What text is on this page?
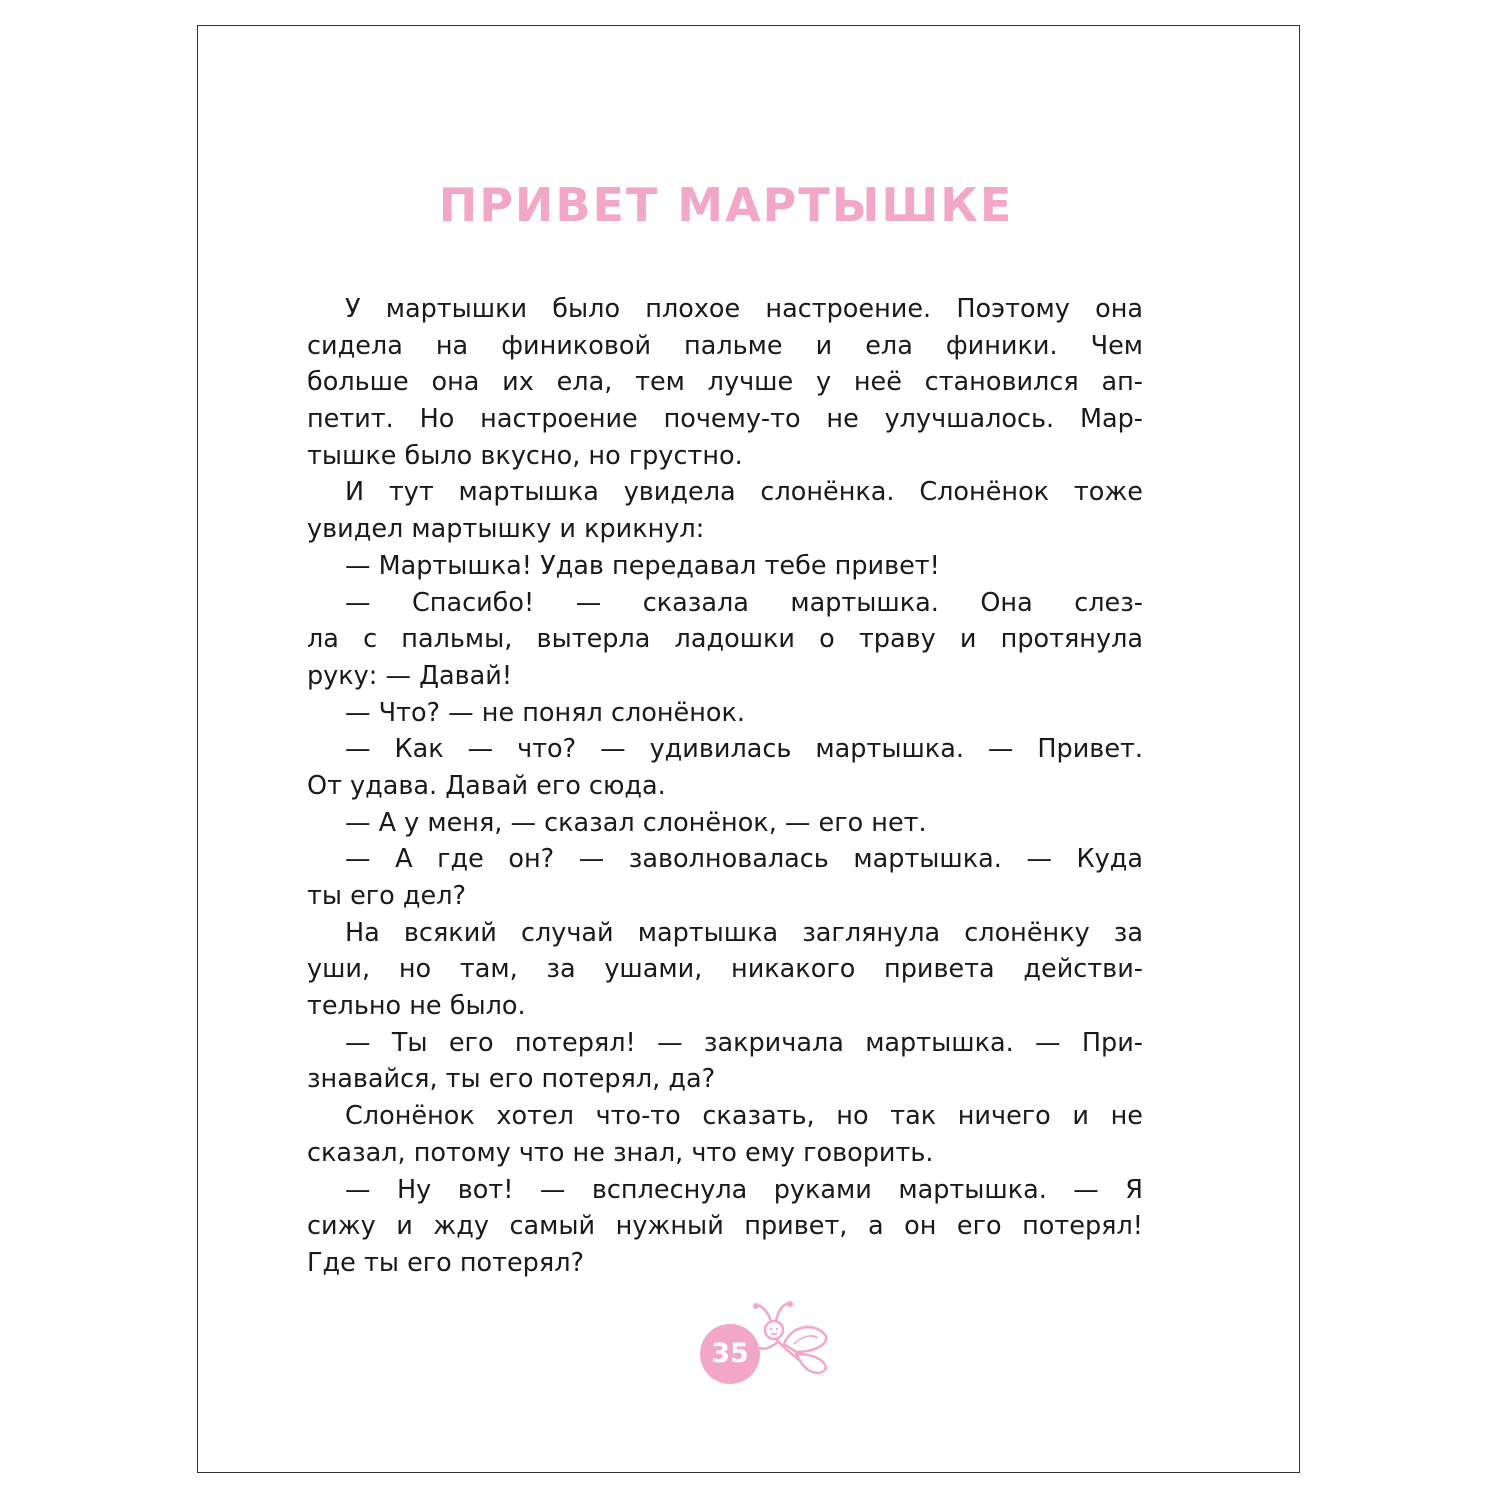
ПРИВЕТ МАРТЫШКЕ
У мартышки было плохое настроение. Поэтому она
сидела на финиковой пальме и ела финики. Чем
больше она их ела, тем лучше у неё становился ап-
петит. Но настроение почему-то не улучшалось. Мар-
тышке было вкусно, но грустно.
И тут мартышка увидела слонёнка. Слонёнок тоже
увидел мартышку и крикнул:
— Мартышка! Удав передавал тебе привет!
— Спасибо! — сказала мартышка. Она слез-
ла с пальмы, вытерла ладошки о траву и протянула
руку: — Давай!
— Что? — не понял слонёнок.
— Как — что? — удивилась мартышка. — Привет.
От удава. Давай его сюда.
— А у меня, — сказал слонёнок, — его нет.
— А где он? — заволновалась мартышка. — Куда
ты его дел?
На всякий случай мартышка заглянула слонёнку за
уши, но там, за ушами, никакого привета действи-
тельно не было.
— Ты его потерял! — закричала мартышка. — При-
знавайся, ты его потерял, да?
Слонёнок хотел что-то сказать, но так ничего и не
сказал, потому что не знал, что ему говорить.
— Ну вот! — всплеснула руками мартышка. — Я
сижу и жду самый нужный привет, а он его потерял!
Где ты его потерял?
35
